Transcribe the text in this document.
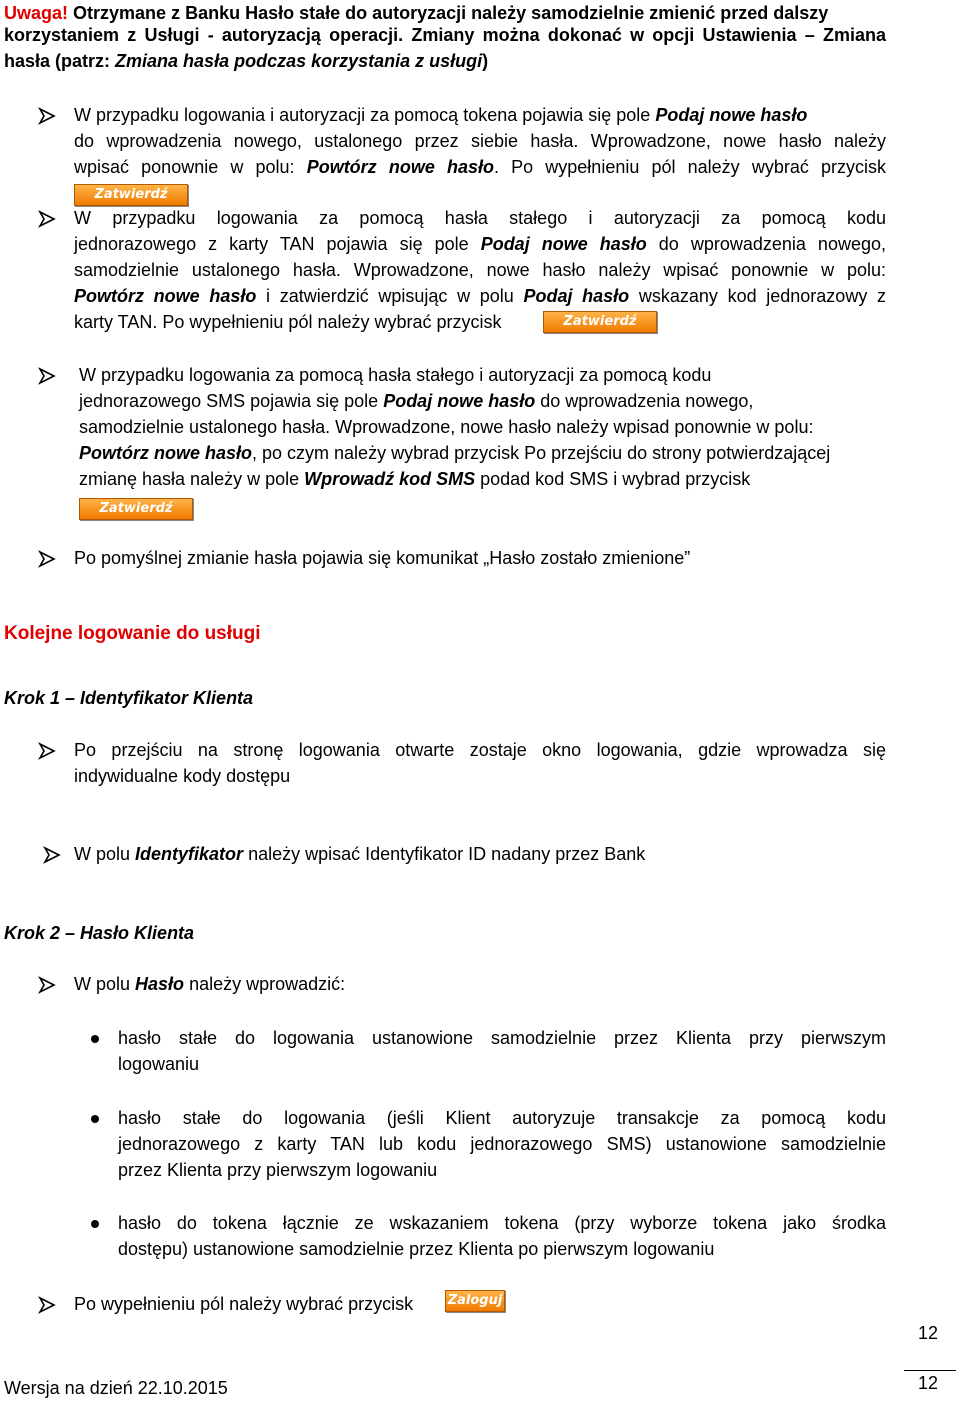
Uwaga! Otrzymane z Banku Hasło stałe do autoryzacji należy samodzielnie zmienić przed dalszy
korzystaniem z Usługi - autoryzacją operacji. Zmiany można dokonać w opcji Ustawienia – Zmiana
hasła (patrz: Zmiana hasła podczas korzystania z usługi)
W przypadku logowania i autoryzacji za pomocą tokena pojawia się pole Podaj nowe hasło
do wprowadzenia nowego, ustalonego przez siebie hasła. Wprowadzone, nowe hasło należy
wpisać ponownie w polu: Powtórz nowe hasło. Po wypełnieniu pól należy wybrać przycisk
Zatwierdź
W przypadku logowania za pomocą hasła stałego i autoryzacji za pomocą kodu
jednorazowego z karty TAN pojawia się pole Podaj nowe hasło do wprowadzenia nowego,
samodzielnie ustalonego hasła. Wprowadzone, nowe hasło należy wpisać ponownie w polu:
Powtórz nowe hasło i zatwierdzić wpisując w polu Podaj hasło wskazany kod jednorazowy z
karty TAN. Po wypełnieniu pól należy wybrać przycisk	Zatwierdź
W przypadku logowania za pomocą hasła stałego i autoryzacji za pomocą kodu
jednorazowego SMS pojawia się pole Podaj nowe hasło do wprowadzenia nowego,
samodzielnie ustalonego hasła. Wprowadzone, nowe hasło należy wpisad ponownie w polu:
Powtórz nowe hasło, po czym należy wybrad przycisk Po przejściu do strony potwierdzającej
zmianę hasła należy w pole Wprowadź kod SMS podad kod SMS i wybrad przycisk
Zatwierdź
Po pomyślnej zmianie hasła pojawia się komunikat „Hasło zostało zmienione”
Kolejne logowanie do usługi
Krok 1 – Identyfikator Klienta
Po przejściu na stronę logowania otwarte zostaje okno logowania, gdzie wprowadza się
indywidualne kody dostępu
W polu Identyfikator należy wpisać Identyfikator ID nadany przez Bank
Krok 2 – Hasło Klienta
W polu Hasło należy wprowadzić:
hasło stałe do logowania ustanowione samodzielnie przez Klienta przy pierwszym
logowaniu
hasło stałe do logowania (jeśli Klient autoryzuje transakcje za pomocą kodu
jednorazowego z karty TAN lub kodu jednorazowego SMS) ustanowione samodzielnie
przez Klienta przy pierwszym logowaniu
hasło do tokena łącznie ze wskazaniem tokena (przy wyborze tokena jako środka
dostępu) ustanowione samodzielnie przez Klienta po pierwszym logowaniu
Po wypełnieniu pól należy wybrać przycisk	Zaloguj
12
Wersja na dzień 22.10.2015	12
